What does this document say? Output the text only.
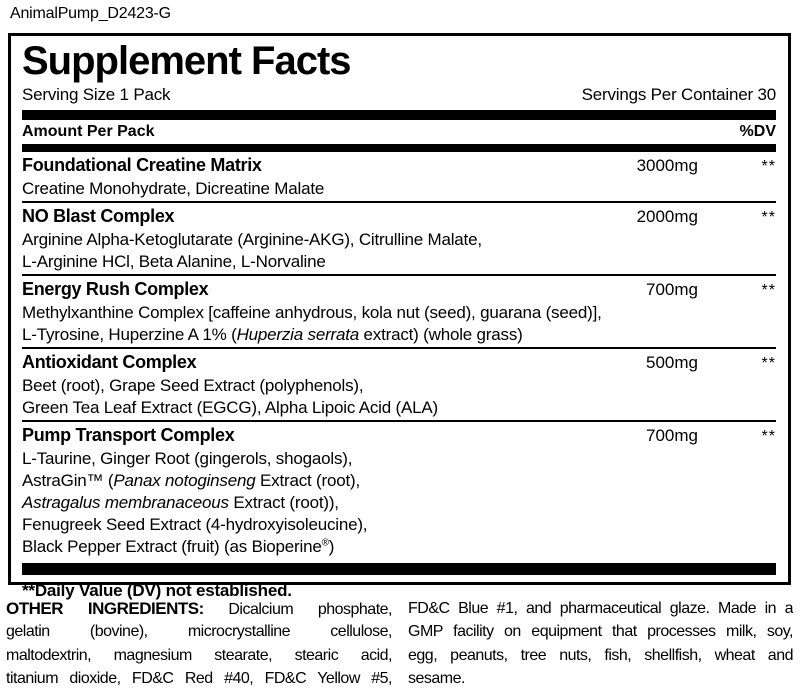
AnimalPump_D2423-G
Supplement Facts
Serving Size 1 Pack	Servings Per Container 30
Amount Per Pack	%DV
Foundational Creatine Matrix	3000mg	**
Creatine Monohydrate, Dicreatine Malate
NO Blast Complex	2000mg	**
Arginine Alpha-Ketoglutarate (Arginine-AKG), Citrulline Malate,
L-Arginine HCl, Beta Alanine, L-Norvaline
Energy Rush Complex	700mg	**
Methylxanthine Complex [caffeine anhydrous, kola nut (seed), guarana (seed)],
L-Tyrosine, Huperzine A 1% (Huperzia serrata extract) (whole grass)
Antioxidant Complex	500mg	**
Beet (root), Grape Seed Extract (polyphenols),
Green Tea Leaf Extract (EGCG), Alpha Lipoic Acid (ALA)
Pump Transport Complex	700mg	**
L-Taurine, Ginger Root (gingerols, shogaols),
AstraGin™ (Panax notoginseng Extract (root),
Astragalus membranaceous Extract (root)),
Fenugreek Seed Extract (4-hydroxyisoleucine),
Black Pepper Extract (fruit) (as Bioperine®)
**Daily Value (DV) not established.
OTHER INGREDIENTS: Dicalcium phosphate,
gelatin (bovine), microcrystalline cellulose,
maltodextrin, magnesium stearate, stearic acid,
titanium dioxide, FD&C Red #40, FD&C Yellow #5,
FD&C Blue #1, and pharmaceutical glaze. Made in a
GMP facility on equipment that processes milk, soy,
egg, peanuts, tree nuts, fish, shellfish, wheat and
sesame.
